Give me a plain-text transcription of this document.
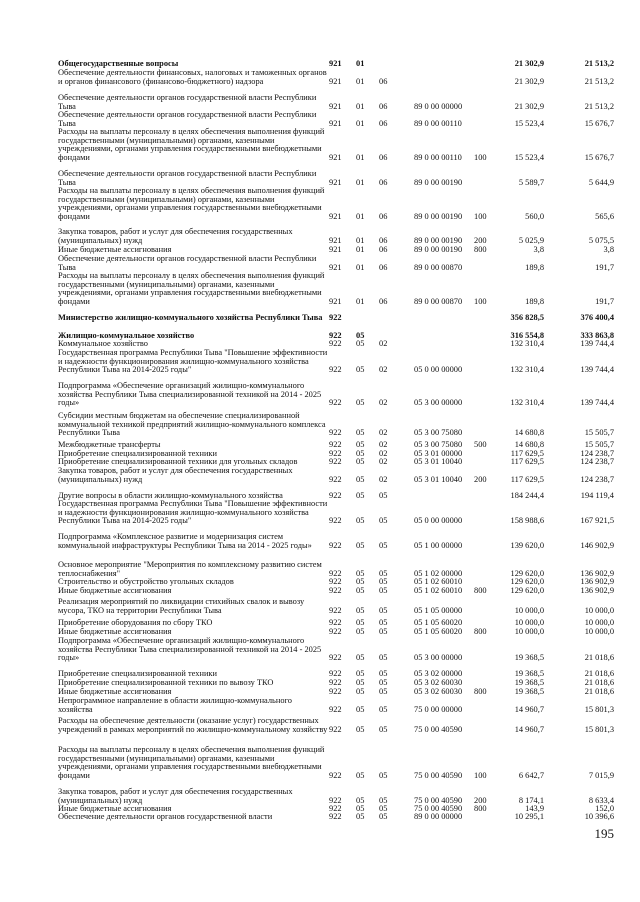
Общегосударственные вопросы	921 01	21 302,9	21 513,2
Обеспечение деятельности финансовых, налоговых и таможенных органов и органов финансового (финансово-бюджетного) надзора	921 01 06	21 302,9	21 513,2
Обеспечение деятельности органов государственной власти Республики Тыва	921 01 06	89 0 00 00000	21 302,9	21 513,2
Обеспечение деятельности органов государственной власти Республики Тыва	921 01 06	89 0 00 00110	15 523,4	15 676,7
Расходы на выплаты персоналу в целях обеспечения выполнения функций государственными (муниципальными) органами, казенными учреждениями, органами управления государственными внебюджетными фондами	921 01 06	89 0 00 00110 100	15 523,4	15 676,7
Обеспечение деятельности органов государственной власти Республики Тыва	921 01 06	89 0 00 00190	5 589,7	5 644,9
Расходы на выплаты персоналу в целях обеспечения выполнения функций государственными (муниципальными) органами, казенными учреждениями, органами управления государственными внебюджетными фондами	921 01 06	89 0 00 00190 100	560,0	565,6
Закупка товаров, работ и услуг для обеспечения государственных (муниципальных) нужд	921 01 06	89 0 00 00190 200	5 025,9	5 075,5
Иные бюджетные ассигнования	921 01 06	89 0 00 00190 800	3,8	3,8
Обеспечение деятельности органов государственной власти Республики Тыва	921 01 06	89 0 00 00870	189,8	191,7
Расходы на выплаты персоналу в целях обеспечения выполнения функций государственными (муниципальными) органами, казенными учреждениями, органами управления государственными внебюджетными фондами	921 01 06	89 0 00 00870 100	189,8	191,7
Министерство жилищно-коммунального хозяйства Республики Тыва 922	356 828,5	376 400,4
Жилищно-коммунальное хозяйство	922 05	316 554,8	333 863,8
Коммунальное хозяйство	922 05 02	132 310,4	139 744,4
Государственная программа Республики Тыва "Повышение эффективности и надежности функционирования жилищно-коммунального хозяйства Республики Тыва на 2014-2025 годы"	922 05 02	05 0 00 00000	132 310,4	139 744,4
Подпрограмма «Обеспечение организаций жилищно-коммунального хозяйства Республики Тыва специализированной техникой на 2014 - 2025 годы»	922 05 02	05 3 00 00000	132 310,4	139 744,4
Субсидии местным бюджетам на обеспечение специализированной коммунальной техникой предприятий жилищно-коммунального комплекса Республики Тыва	922 05 02	05 3 00 75080	14 680,8	15 505,7
Межбюджетные трансферты	922 05 02	05 3 00 75080 500	14 680,8	15 505,7
Приобретение специализированной техники	922 05 02	05 3 01 00000	117 629,5	124 238,7
Приобретение специализированной техники для угольных складов	922 05 02	05 3 01 10040	117 629,5	124 238,7
Закупка товаров, работ и услуг для обеспечения государственных (муниципальных) нужд	922 05 02	05 3 01 10040 200	117 629,5	124 238,7
Другие вопросы в области жилищно-коммунального хозяйства	922 05 05	184 244,4	194 119,4
Государственная программа Республики Тыва "Повышение эффективности и надежности функционирования жилищно-коммунального хозяйства Республики Тыва на 2014-2025 годы"	922 05 05	05 0 00 00000	158 988,6	167 921,5
Подпрограмма «Комплексное развитие и модернизация систем коммунальной инфраструктуры Республики Тыва на 2014 - 2025 годы»	922 05 05	05 1 00 00000	139 620,0	146 902,9
Основное мероприятие "Мероприятия по комплексному развитию систем теплоснабжения"	922 05 05	05 1 02 00000	129 620,0	136 902,9
Строительство и обустройство угольных складов	922 05 05	05 1 02 60010	129 620,0	136 902,9
Иные бюджетные ассигнования	922 05 05	05 1 02 60010 800	129 620,0	136 902,9
Реализация мероприятий по ликвидации стихийных свалок и вывозу мусора, ТКО на территории Республики Тыва	922 05 05	05 1 05 00000	10 000,0	10 000,0
Приобретение оборудования по сбору ТКО	922 05 05	05 1 05 60020	10 000,0	10 000,0
Иные бюджетные ассигнования	922 05 05	05 1 05 60020 800	10 000,0	10 000,0
Подпрограмма «Обеспечение организаций жилищно-коммунального хозяйства Республики Тыва специализированной техникой на 2014 - 2025 годы»	922 05 05	05 3 00 00000	19 368,5	21 018,6
Приобретение специализированной техники	922 05 05	05 3 02 00000	19 368,5	21 018,6
Приобретение специализированной техники по вывозу ТКО	922 05 05	05 3 02 60030	19 368,5	21 018,6
Иные бюджетные ассигнования	922 05 05	05 3 02 60030 800	19 368,5	21 018,6
Непрограммное направление в области жилищно-коммунального хозяйства	922 05 05	75 0 00 00000	14 960,7	15 801,3
Расходы на обеспечение деятельности (оказание услуг) государственных учреждений в рамках мероприятий по жилищно-коммунальному хозяйству 922 05 05	75 0 00 40590	14 960,7	15 801,3
Расходы на выплаты персоналу в целях обеспечения выполнения функций государственными (муниципальными) органами, казенными учреждениями, органами управления государственными внебюджетными фондами	922 05 05	75 0 00 40590 100	6 642,7	7 015,9
Закупка товаров, работ и услуг для обеспечения государственных (муниципальных) нужд	922 05 05	75 0 00 40590 200	8 174,1	8 633,4
Иные бюджетные ассигнования	922 05 05	75 0 00 40590 800	143,9	152,0
Обеспечение деятельности органов государственной власти	922 05 05	89 0 00 00000	10 295,1	10 396,6
195
